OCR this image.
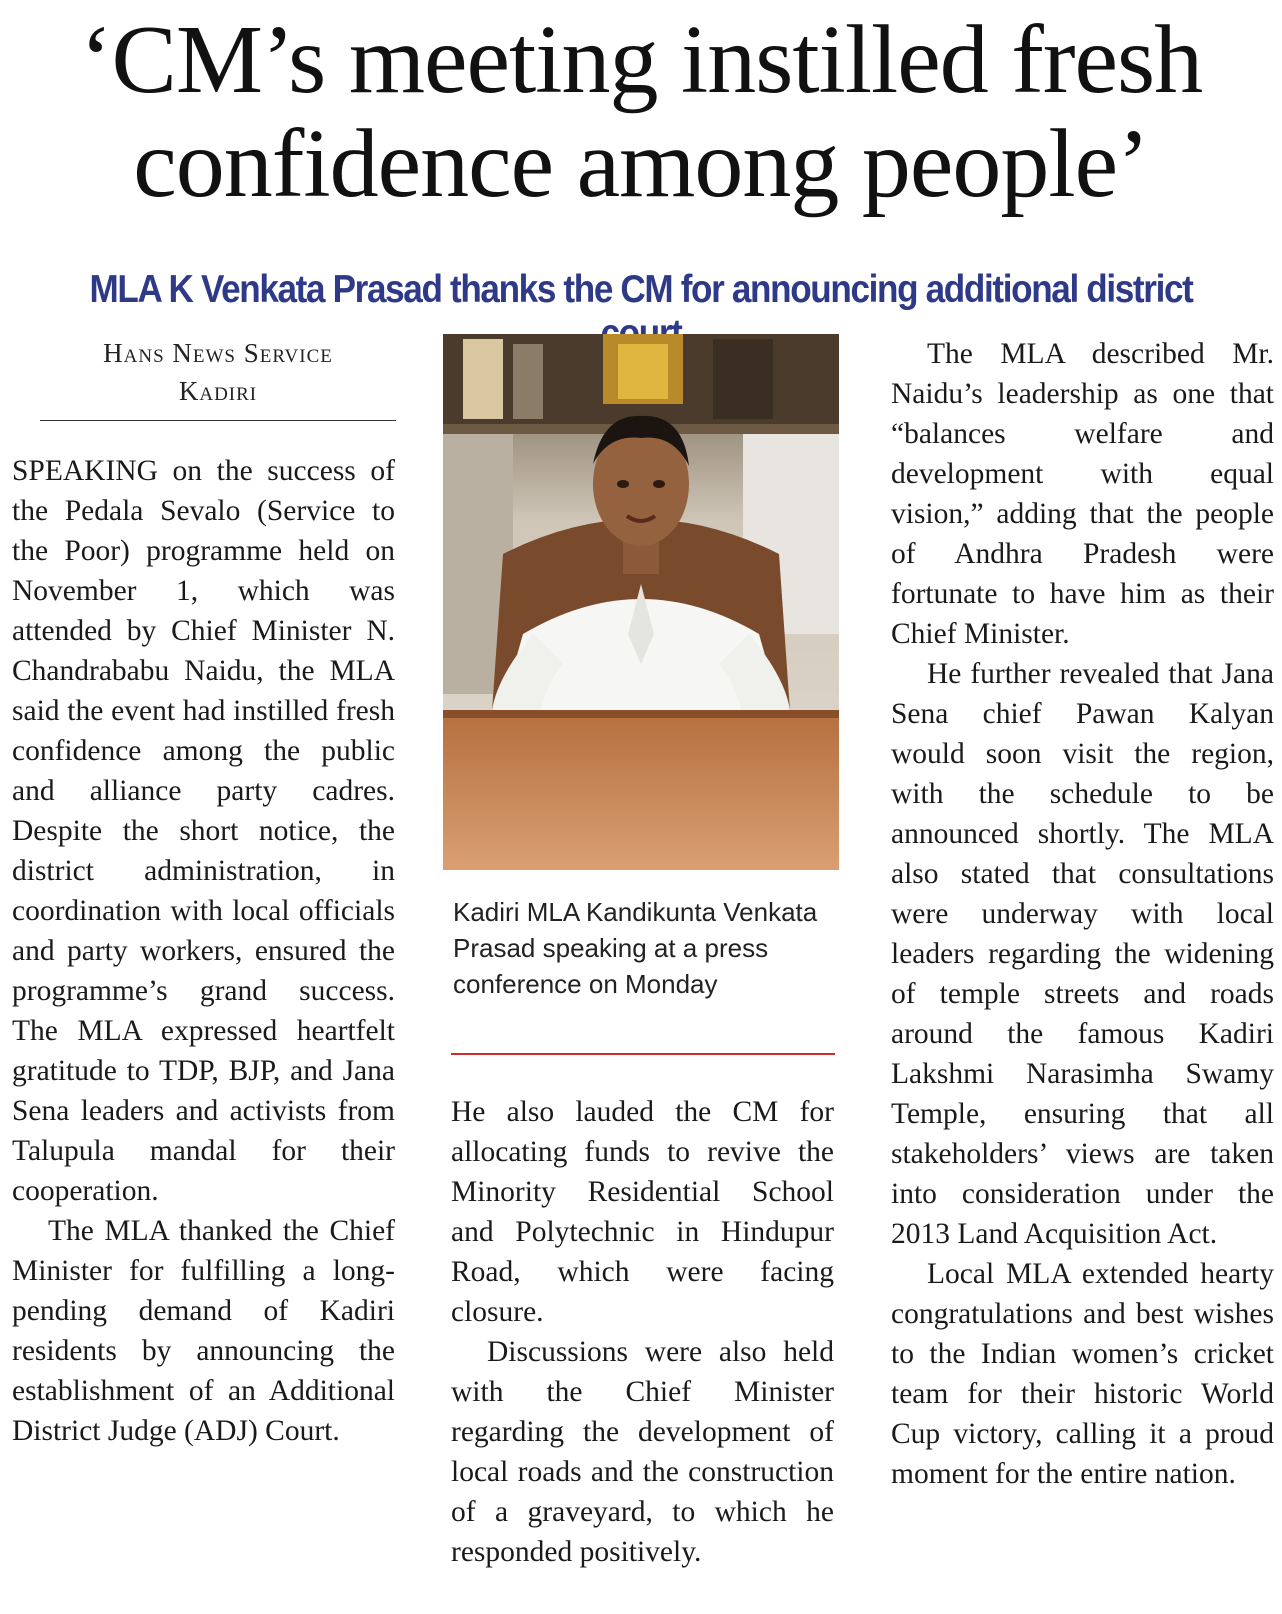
‘CM’s meeting instilled fresh
confidence among people’
MLA K Venkata Prasad thanks the CM for announcing additional district
Hans News Service
Kadiri

SPEAKING on the success of the Pedala Sevalo (Service to the Poor) programme held on November 1, which was attended by Chief Minister N. Chandrababu Naidu, the MLA said the event had instilled fresh confidence among the public and alliance party cadres. Despite the short notice, the district administration, in coordination with local officials and party workers, ensured the programme’s grand success. The MLA expressed heartfelt gratitude to TDP, BJP, and Jana Sena leaders and activists from Talupula mandal for their cooperation.

The MLA thanked the Chief Minister for fulfilling a long-pending demand of Kadiri residents by announcing the establishment of an Additional District Judge (ADJ) Court.

Kadiri MLA Kandikunta Venkata Prasad speaking at a press conference on Monday

He also lauded the CM for allocating funds to revive the Minority Residential School and Polytechnic in Hindupur Road, which were facing closure.

Discussions were also held with the Chief Minister regarding the development of local roads and the construction of a graveyard, to which he responded positively.

The MLA described Mr. Naidu’s leadership as one that “balances welfare and development with equal vision,” adding that the people of Andhra Pradesh were fortunate to have him as their Chief Minister.

He further revealed that Jana Sena chief Pawan Kalyan would soon visit the region, with the schedule to be announced shortly. The MLA also stated that consultations were underway with local leaders regarding the widening of temple streets and roads around the famous Kadiri Lakshmi Narasimha Swamy Temple, ensuring that all stakeholders’ views are taken into consideration under the 2013 Land Acquisition Act.

Local MLA extended hearty congratulations and best wishes to the Indian women’s cricket team for their historic World Cup victory, calling it a proud moment for the entire nation.
